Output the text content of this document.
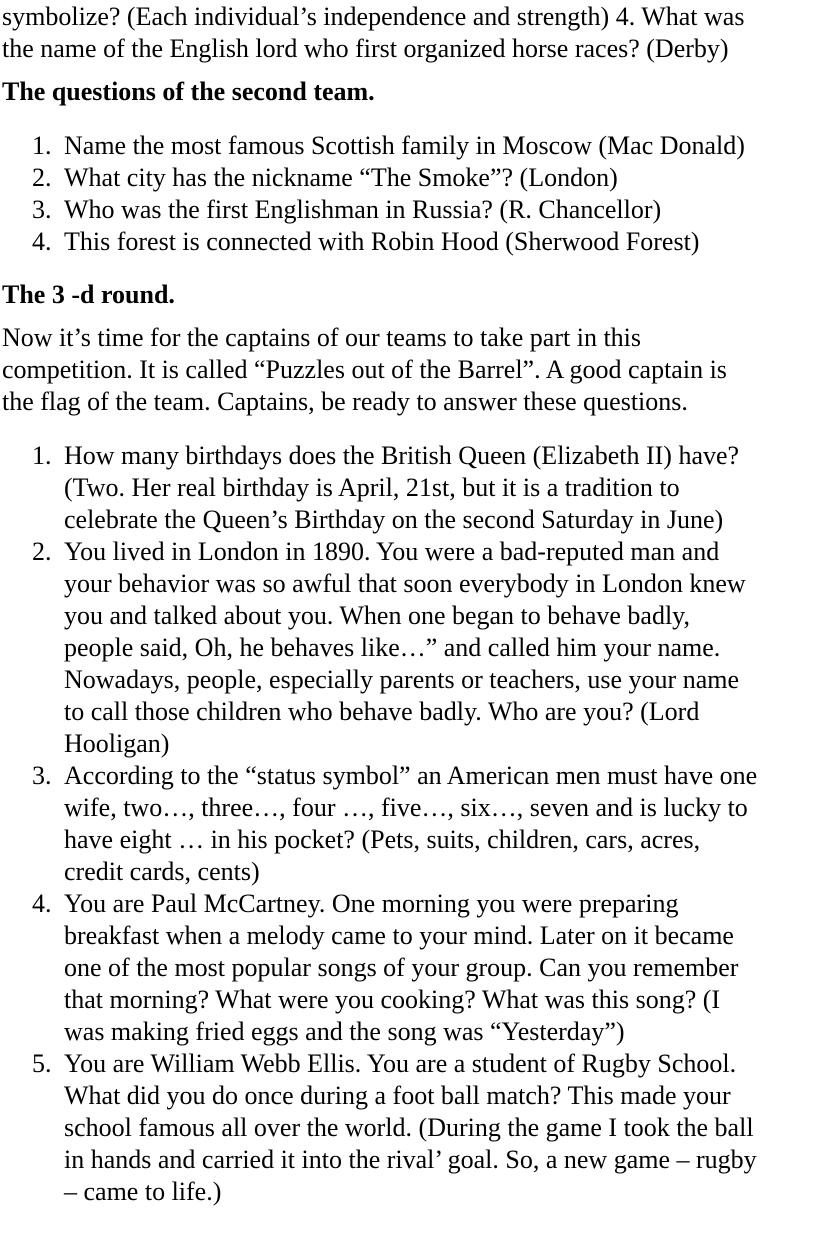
symbolize? (Each individual’s independence and strength) 4. What was

the name of the English lord who first organized horse races? (Derby)

The questions of the second team.

1. Name the most famous Scottish family in Moscow (Mac Donald)
2. What city has the nickname “The Smoke”? (London)
3. Who was the first Englishman in Russia? (R. Chancellor)
4. This forest is connected with Robin Hood (Sherwood Forest)

The 3 -d round.

Now it’s time for the captains of our teams to take part in this

competition. It is called “Puzzles out of the Barrel”. A good captain is

the flag of the team. Captains, be ready to answer these questions.

1. How many birthdays does the British Queen (Elizabeth II) have?

(Two. Her real birthday is April, 21st, but it is a tradition to

celebrate the Queen’s Birthday on the second Saturday in June)

2. You lived in London in 1890. You were a bad-reputed man and

your behavior was so awful that soon everybody in London knew

you and talked about you. When one began to behave badly,

people said, Oh, he behaves like…” and called him your name.

Nowadays, people, especially parents or teachers, use your name

to call those children who behave badly. Who are you? (Lord

Hooligan)

3. According to the “status symbol” an American men must have one

wife, two…, three…, four …, five…, six…, seven and is lucky to

have eight … in his pocket? (Pets, suits, children, cars, acres,

credit cards, cents)

4. You are Paul McCartney. One morning you were preparing

breakfast when a melody came to your mind. Later on it became

one of the most popular songs of your group. Can you remember

that morning? What were you cooking? What was this song? (I

was making fried eggs and the song was “Yesterday”)

5. You are William Webb Ellis. You are a student of Rugby School.

What did you do once during a foot ball match? This made your

school famous all over the world. (During the game I took the ball

in hands and carried it into the rival’ goal. So, a new game – rugby

– came to life.)
